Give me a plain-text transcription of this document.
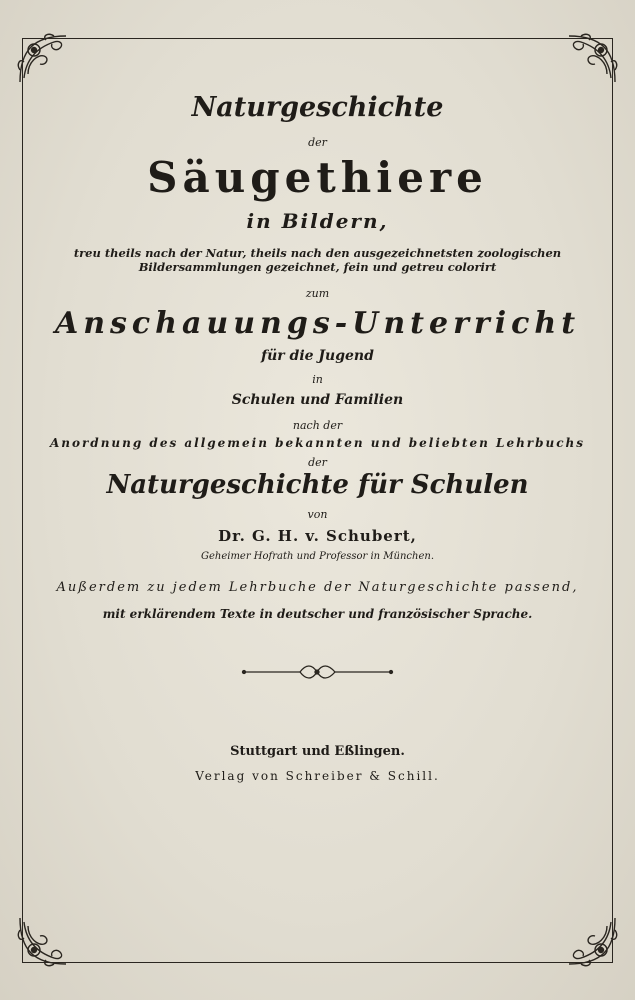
Naturgeschichte
der
Säugethiere
in Bildern,
treu theils nach der Natur, theils nach den ausgezeichnetsten zoologischen
Bildersammlungen gezeichnet, fein und getreu colorirt
zum
Anschauungs-Unterricht
für die Jugend
in
Schulen und Familien
nach der
Anordnung des allgemein bekannten und beliebten Lehrbuchs
der
Naturgeschichte für Schulen
von
Dr. G. H. v. Schubert,
Geheimer Hofrath und Professor in München.
Außerdem zu jedem Lehrbuche der Naturgeschichte passend,
mit erklärendem Texte in deutscher und französischer Sprache.
Stuttgart und Eßlingen.
Verlag von Schreiber & Schill.
